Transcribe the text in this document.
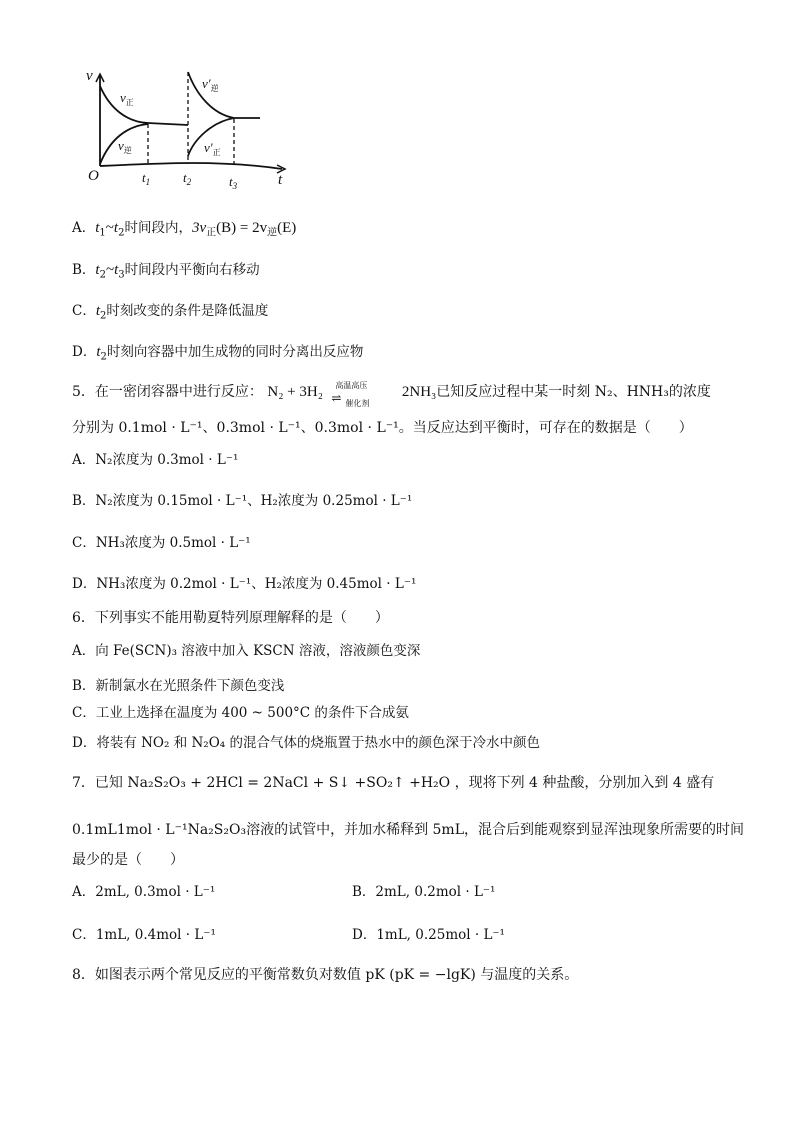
v
O	t
$t_1$	$t_2$	$t_3$
$v_正$
$v_逆$
$v'_逆$
$v'_正$
A．$t_1\sim t_2$时间段内，$3v_正(B) = 2v_逆(E)$
B．$t_2\sim t_3$时间段内平衡向右移动
C．$t_2$时刻改变的条件是降低温度
D．$t_2$时刻向容器中加生成物的同时分离出反应物
5．在一密闭容器中进行反应： N₂ + 3H₂ 高温高压
⇌ 催化剂
2NH₃已知反应过程中某一时刻 N₂、HNH₃的浓度
分别为 0.1mol · L⁻¹、0.3mol · L⁻¹、0.3mol · L⁻¹。当反应达到平衡时，可存在的数据是（　　）
A．N₂浓度为 0.3mol · L⁻¹
B．N₂浓度为 0.15mol · L⁻¹、H₂浓度为 0.25mol · L⁻¹
C．NH₃浓度为 0.5mol · L⁻¹
D．NH₃浓度为 0.2mol · L⁻¹、H₂浓度为 0.45mol · L⁻¹
6．下列事实不能用勒夏特列原理解释的是（　　）
A．向 Fe(SCN)₃ 溶液中加入 KSCN 溶液，溶液颜色变深
B．新制氯水在光照条件下颜色变浅
C．工业上选择在温度为 400 ~ 500°C 的条件下合成氨
D．将装有 NO₂ 和 N₂O₄ 的混合气体的烧瓶置于热水中的颜色深于冷水中颜色
7．已知 Na₂S₂O₃ + 2HCl = 2NaCl + S↓ +SO₂↑ +H₂O ，现将下列 4 种盐酸，分别加入到 4 盛有
0.1mL1mol · L⁻¹Na₂S₂O₃溶液的试管中，并加水稀释到 5mL，混合后到能观察到显浑浊现象所需要的时间
最少的是（　　）
A．2mL, 0.3mol · L⁻¹	B．2mL, 0.2mol · L⁻¹
C．1mL, 0.4mol · L⁻¹	D．1mL, 0.25mol · L⁻¹
8．如图表示两个常见反应的平衡常数负对数值 pK (pK = −lgK) 与温度的关系。
